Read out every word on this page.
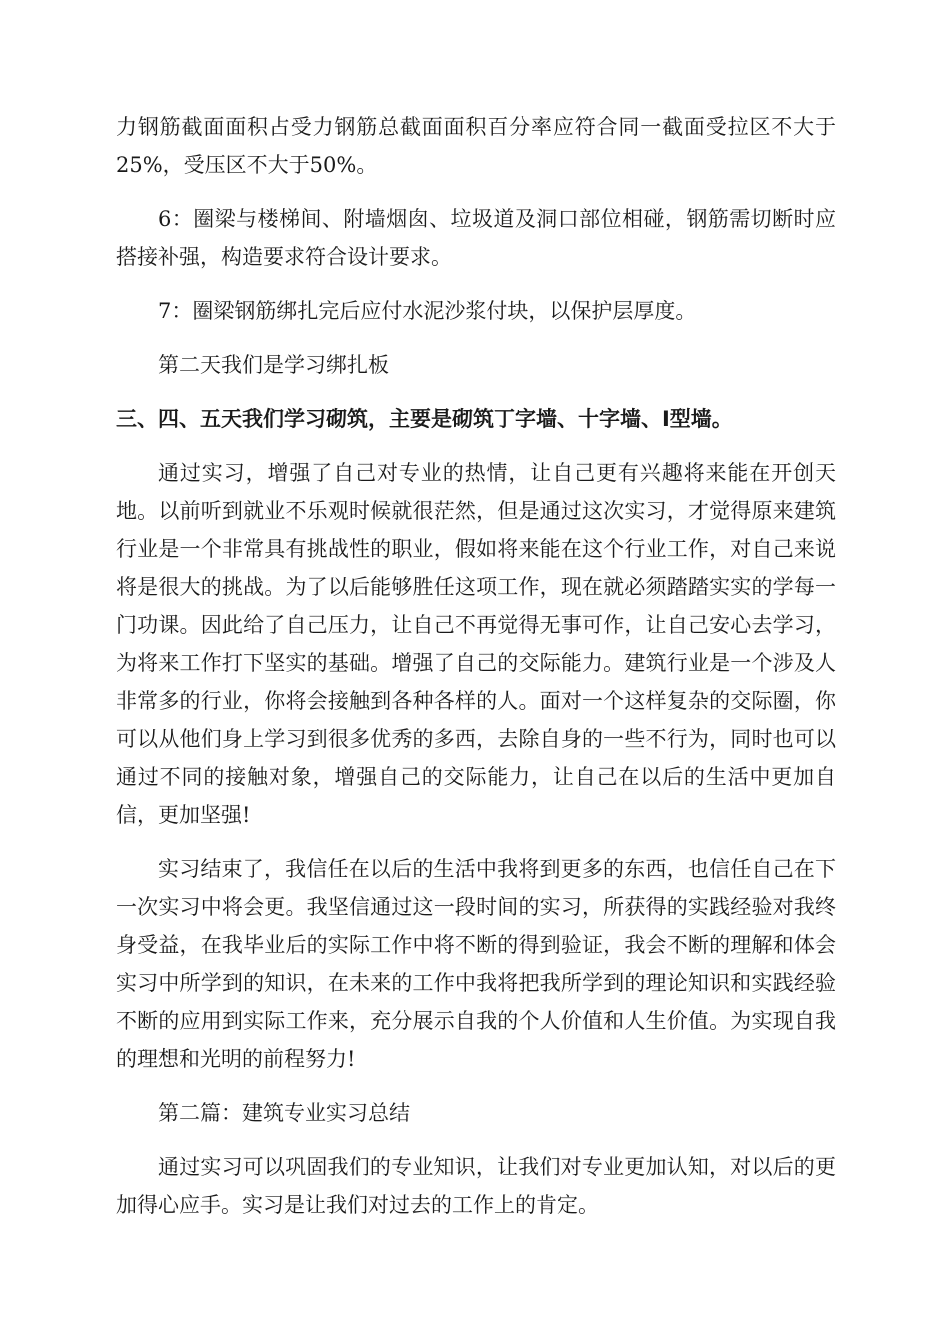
力钢筋截面面积占受力钢筋总截面面积百分率应符合同一截面受拉区不大于25%，受压区不大于50%。

6：圈梁与楼梯间、附墙烟囱、垃圾道及洞口部位相碰，钢筋需切断时应搭接补强，构造要求符合设计要求。

7：圈梁钢筋绑扎完后应付水泥沙浆付块，以保护层厚度。

第二天我们是学习绑扎板

三、四、五天我们学习砌筑，主要是砌筑丁字墙、十字墙、I型墙。

通过实习，增强了自己对专业的热情，让自己更有兴趣将来能在开创天地。以前听到就业不乐观时候就很茫然，但是通过这次实习，才觉得原来建筑行业是一个非常具有挑战性的职业，假如将来能在这个行业工作，对自己来说将是很大的挑战。为了以后能够胜任这项工作，现在就必须踏踏实实的学每一门功课。因此给了自己压力，让自己不再觉得无事可作，让自己安心去学习，为将来工作打下坚实的基础。增强了自己的交际能力。建筑行业是一个涉及人非常多的行业，你将会接触到各种各样的人。面对一个这样复杂的交际圈，你可以从他们身上学习到很多优秀的多西，去除自身的一些不行为，同时也可以通过不同的接触对象，增强自己的交际能力，让自己在以后的生活中更加自信，更加坚强!

实习结束了，我信任在以后的生活中我将到更多的东西，也信任自己在下一次实习中将会更。我坚信通过这一段时间的实习，所获得的实践经验对我终身受益，在我毕业后的实际工作中将不断的得到验证，我会不断的理解和体会实习中所学到的知识，在未来的工作中我将把我所学到的理论知识和实践经验不断的应用到实际工作来，充分展示自我的个人价值和人生价值。为实现自我的理想和光明的前程努力!

第二篇：建筑专业实习总结

通过实习可以巩固我们的专业知识，让我们对专业更加认知，对以后的更加得心应手。实习是让我们对过去的工作上的肯定。
